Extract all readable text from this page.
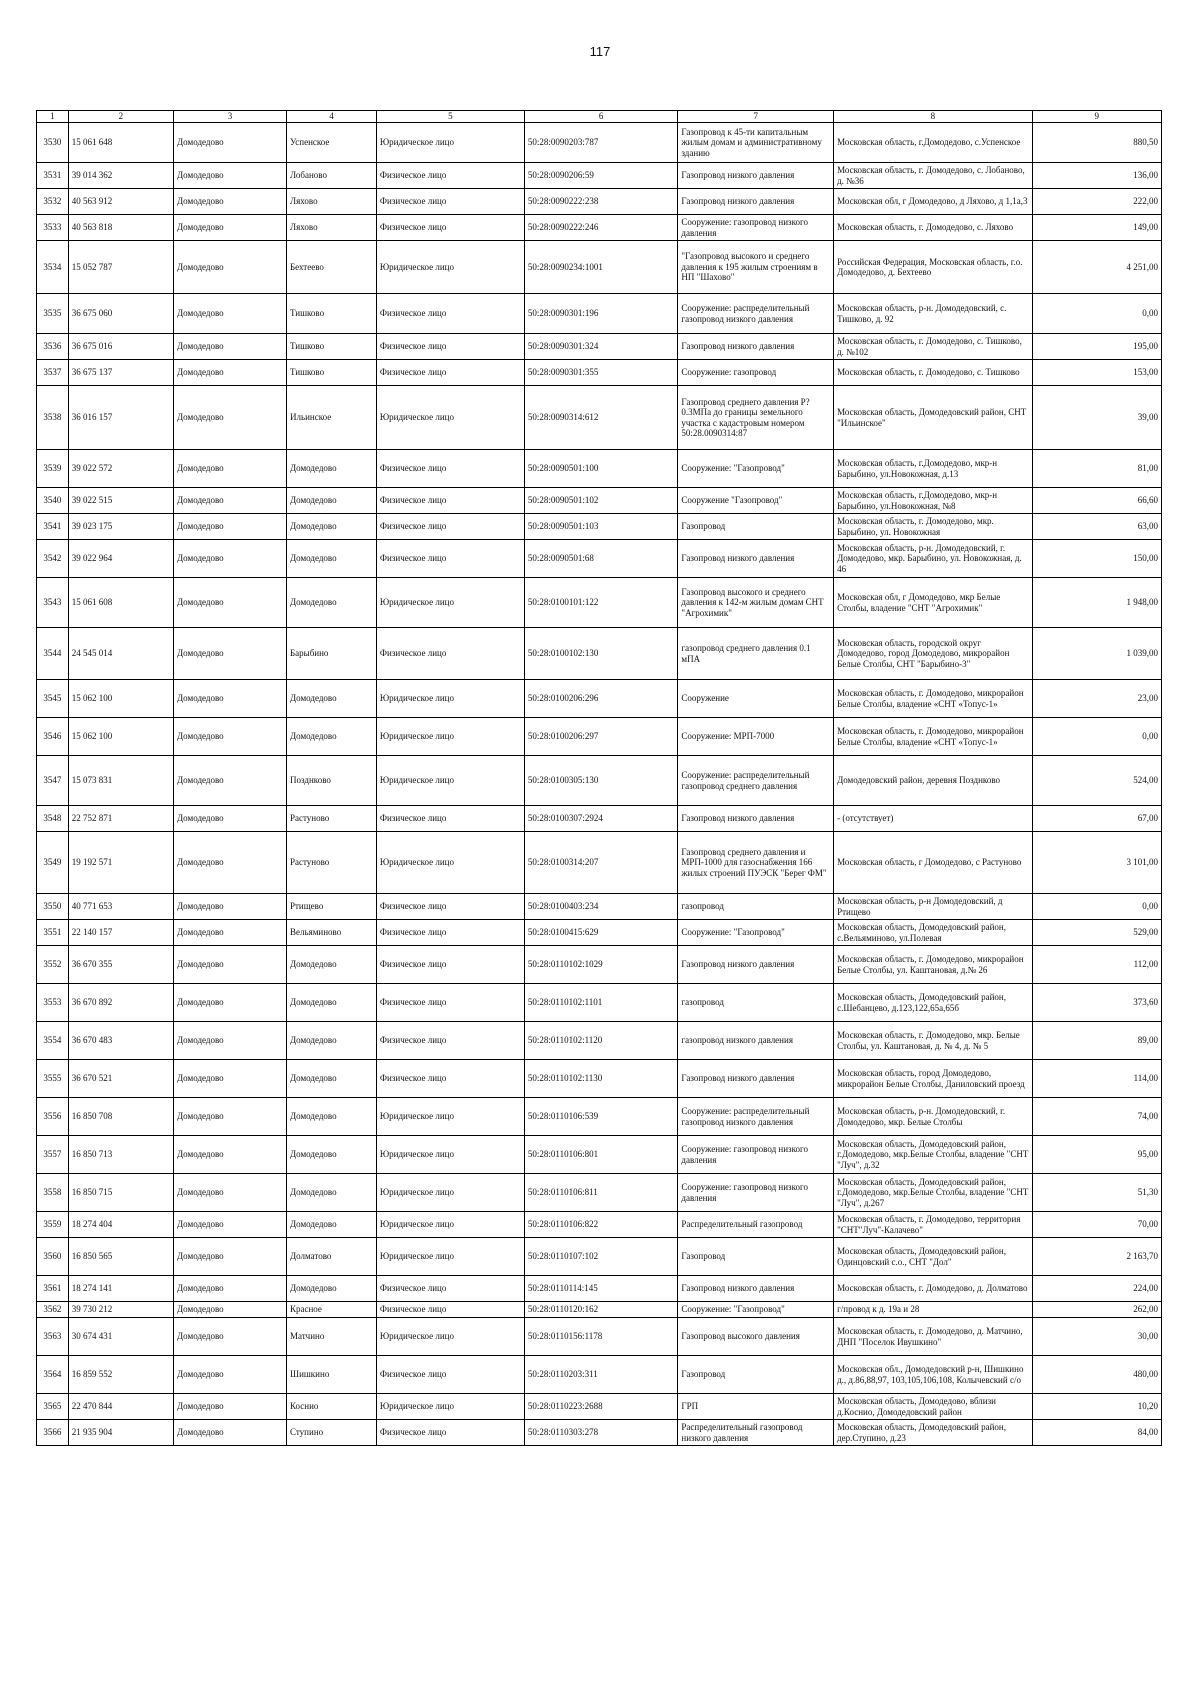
117
1	2	3	4	5	6	7	8	9
3530	15 061 648	Домодедово	Успенское	Юридическое лицо	50:28:0090203:787	Газопровод к 45-ти капитальным жилым домам и административному зданию	Московская область, г.Домодедово, с.Успенское	880,50
3531	39 014 362	Домодедово	Лобаново	Физическое лицо	50:28:0090206:59	Газопровод низкого давления	Московская область, г. Домодедово, с. Лобаново, д. №36	136,00
3532	40 563 912	Домодедово	Ляхово	Физическое лицо	50:28:0090222:238	Газопровод низкого давления	Московская обл, г Домодедово, д Ляхово, д 1,1а,3	222,00
3533	40 563 818	Домодедово	Ляхово	Физическое лицо	50:28:0090222:246	Сооружение: газопровод низкого давления	Московская область, г. Домодедово, с. Ляхово	149,00
3534	15 052 787	Домодедово	Бехтеево	Юридическое лицо	50:28:0090234:1001	"Газопровод высокого и среднего давления к 195 жилым строениям в НП "Шахово"	Российская Федерация, Московская область, г.о. Домодедово, д. Бехтеево	4 251,00
3535	36 675 060	Домодедово	Тишково	Физическое лицо	50:28:0090301:196	Сооружение: распределительный газопровод низкого давления	Московская область, р-н. Домодедовский, с. Тишково, д. 92	0,00
3536	36 675 016	Домодедово	Тишково	Физическое лицо	50:28:0090301:324	Газопровод низкого давления	Московская область, г. Домодедово, с. Тишково, д. №102	195,00
3537	36 675 137	Домодедово	Тишково	Физическое лицо	50:28:0090301:355	Сооружение: газопровод	Московская область, г. Домодедово, с. Тишково	153,00
3538	36 016 157	Домодедово	Ильинское	Юридическое лицо	50:28:0090314:612	Газопровод среднего давления Р?0.3МПа до границы земельного участка с кадастровым номером 50:28.0090314:87	Московская область, Домодедовский район, СНТ "Ильинское"	39,00
3539	39 022 572	Домодедово	Домодедово	Физическое лицо	50:28:0090501:100	Сооружение: "Газопровод"	Московская область, г.Домодедово, мкр-н Барыбино, ул.Новокожная, д.13	81,00
3540	39 022 515	Домодедово	Домодедово	Физическое лицо	50:28:0090501:102	Сооружение "Газопровод"	Московская область, г.Домодедово, мкр-н Барыбино, ул.Новокожная, №8	66,60
3541	39 023 175	Домодедово	Домодедово	Физическое лицо	50:28:0090501:103	Газопровод	Московская область, г. Домодедово, мкр. Барыбино, ул. Новокожная	63,00
3542	39 022 964	Домодедово	Домодедово	Физическое лицо	50:28:0090501:68	Газопровод низкого давления	Московская область, р-н. Домодедовский, г. Домодедово, мкр. Барыбино, ул. Новокожная, д. 46	150,00
3543	15 061 608	Домодедово	Домодедово	Юридическое лицо	50:28:0100101:122	Газопровод высокого и среднего давления к 142-м жилым домам СНТ "Агрохимик"	Московская обл, г Домодедово, мкр Белые Столбы, владение "СНТ "Агрохимик"	1 948,00
3544	24 545 014	Домодедово	Барыбино	Физическое лицо	50:28:0100102:130	газопровод среднего давления 0.1 мПА	Московская область, городской округ Домодедово, город Домодедово, микрорайон Белые Столбы, СНТ "Барыбино-3"	1 039,00
3545	15 062 100	Домодедово	Домодедово	Юридическое лицо	50:28:0100206:296	Сооружение	Московская область, г. Домодедово, микрорайон Белые Столбы, владение «СНТ «Топус-1»	23,00
3546	15 062 100	Домодедово	Домодедово	Юридическое лицо	50:28:0100206:297	Сооружение: МРП-7000	Московская область, г. Домодедово, микрорайон Белые Столбы, владение «СНТ «Топус-1»	0,00
3547	15 073 831	Домодедово	Позднково	Юридическое лицо	50:28:0100305:130	Сооружение: распределительный газопровод среднего давления	Домодедовский район, деревня Позднково	524,00
3548	22 752 871	Домодедово	Растуново	Физическое лицо	50:28:0100307:2924	Газопровод низкого давления	- (отсутствует)	67,00
3549	19 192 571	Домодедово	Растуново	Юридическое лицо	50:28:0100314:207	Газопровод среднего давления и МРП-1000 для газоснабжения 166 жилых строений ПУЭСК "Берег ФМ"	Московская область, г Домодедово, с Растуново	3 101,00
3550	40 771 653	Домодедово	Ртищево	Физическое лицо	50:28:0100403:234	газопровод	Московская область, р-н Домодедовский, д Ртищево	0,00
3551	22 140 157	Домодедово	Вельяминово	Физическое лицо	50:28:0100415:629	Сооружение: "Газопровод"	Московская область, Домодедовский район, с.Вельяминово, ул.Полевая	529,00
3552	36 670 355	Домодедово	Домодедово	Физическое лицо	50:28:0110102:1029	Газопровод низкого давления	Московская область, г. Домодедово, микрорайон Белые Столбы, ул. Каштановая, д.№ 26	112,00
3553	36 670 892	Домодедово	Домодедово	Физическое лицо	50:28:0110102:1101	газопровод	Московская область, Домодедовский район, с.Шебанцево, д.123,122,65а,65б	373,60
3554	36 670 483	Домодедово	Домодедово	Физическое лицо	50:28:0110102:1120	газопровод низкого давления	Московская область, г. Домодедово, мкр. Белые Столбы, ул. Каштановая, д. № 4, д. № 5	89,00
3555	36 670 521	Домодедово	Домодедово	Физическое лицо	50:28:0110102:1130	Газопровод низкого давления	Московская область, город Домодедово, микрорайон Белые Столбы, Даниловский проезд	114,00
3556	16 850 708	Домодедово	Домодедово	Юридическое лицо	50:28:0110106:539	Сооружение: распределительный газопровод низкого давления	Московская область, р-н. Домодедовский, г. Домодедово, мкр. Белые Столбы	74,00
3557	16 850 713	Домодедово	Домодедово	Юридическое лицо	50:28:0110106:801	Сооружение: газопровод низкого давления	Московская область, Домодедовский район, г.Домодедово, мкр.Белые Столбы, владение "СНТ "Луч", д.32	95,00
3558	16 850 715	Домодедово	Домодедово	Юридическое лицо	50:28:0110106:811	Сооружение: газопровод низкого давления	Московская область, Домодедовский район, г.Домодедово, мкр.Белые Столбы, владение "СНТ "Луч", д.267	51,30
3559	18 274 404	Домодедово	Домодедово	Юридическое лицо	50:28:0110106:822	Распределительный газопровод	Московская область, г. Домодедово, территория "СНТ"Луч"-Калачево"	70,00
3560	16 850 565	Домодедово	Долматово	Юридическое лицо	50:28:0110107:102	Газопровод	Московская область, Домодедовский район, Одинцовский с.о., СНТ "Дол"	2 163,70
3561	18 274 141	Домодедово	Домодедово	Физическое лицо	50:28:0110114:145	Газопровод низкого давления	Московская область, г. Домодедово, д. Долматово	224,00
3562	39 730 212	Домодедово	Красное	Физическое лицо	50:28:0110120:162	Сооружение: "Газопровод"	г/провод к д. 19а и 28	262,00
3563	30 674 431	Домодедово	Матчино	Юридическое лицо	50:28:0110156:1178	Газопровод высокого давления	Московская область, г. Домодедово, д. Матчино, ДНП "Поселок Ивушкино"	30,00
3564	16 859 552	Домодедово	Шишкино	Физическое лицо	50:28:0110203:311	Газопровод	Московская обл., Домодедовский р-н, Шишкино д., д.86,88,97, 103,105,106,108, Колычевский с/о	480,00
3565	22 470 844	Домодедово	Коснио	Юридическое лицо	50:28:0110223:2688	ГРП	Московская область, Домодедово, вблизи д.Коснио, Домодедовский район	10,20
3566	21 935 904	Домодедово	Ступино	Физическое лицо	50:28:0110303:278	Распределительный газопровод низкого давления	Московская область, Домодедовский район, дер.Ступино, д.23	84,00
